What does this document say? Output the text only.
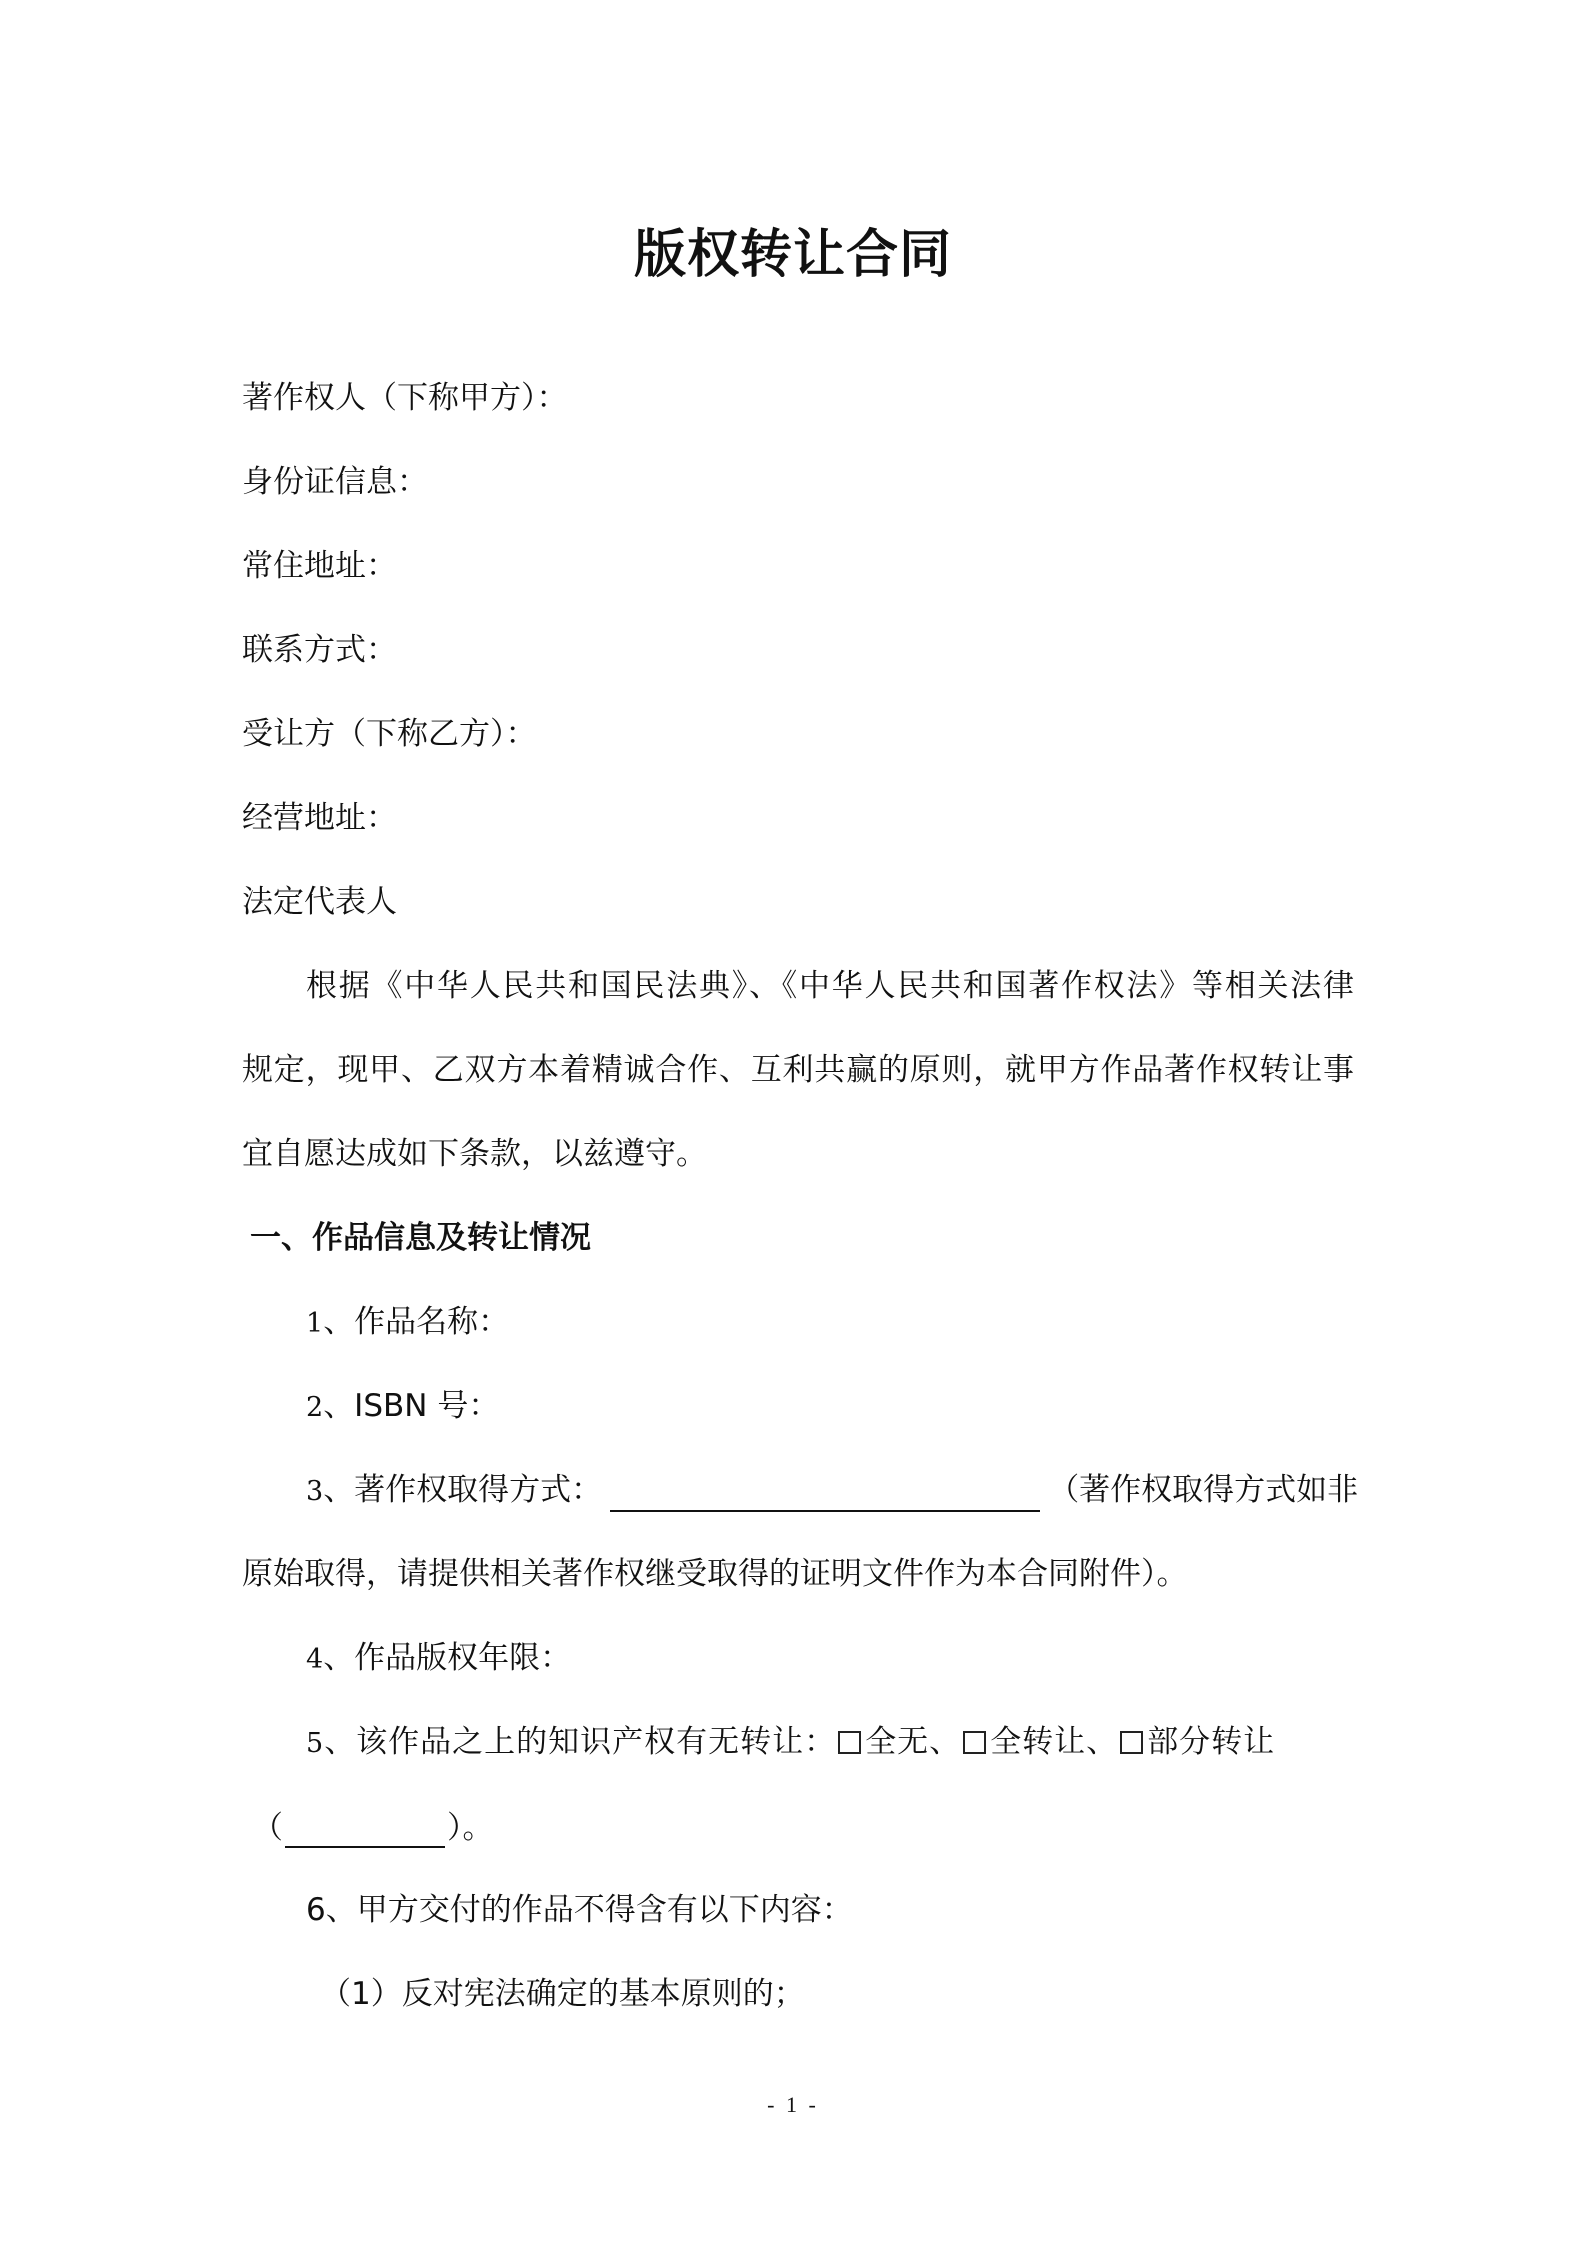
版权转让合同
著作权人（下称甲方）：
身份证信息：
常住地址：
联系方式：
受让方（下称乙方）：
经营地址：
法定代表人
根据《中华人民共和国民法典》、《中华人民共和国著作权法》等相关法律
规定，现甲、乙双方本着精诚合作、互利共赢的原则，就甲方作品著作权转让事
宜自愿达成如下条款，以兹遵守。
一、作品信息及转让情况
1、作品名称：
2、ISBN 号：
3、著作权取得方式：	（著作权取得方式如非
原始取得，请提供相关著作权继受取得的证明文件作为本合同附件）。
4、作品版权年限：
5、该作品之上的知识产权有无转让： 全无、 全转让、 部分转让
（	）。
6、甲方交付的作品不得含有以下内容：
（1）反对宪法确定的基本原则的；
- 1 -
